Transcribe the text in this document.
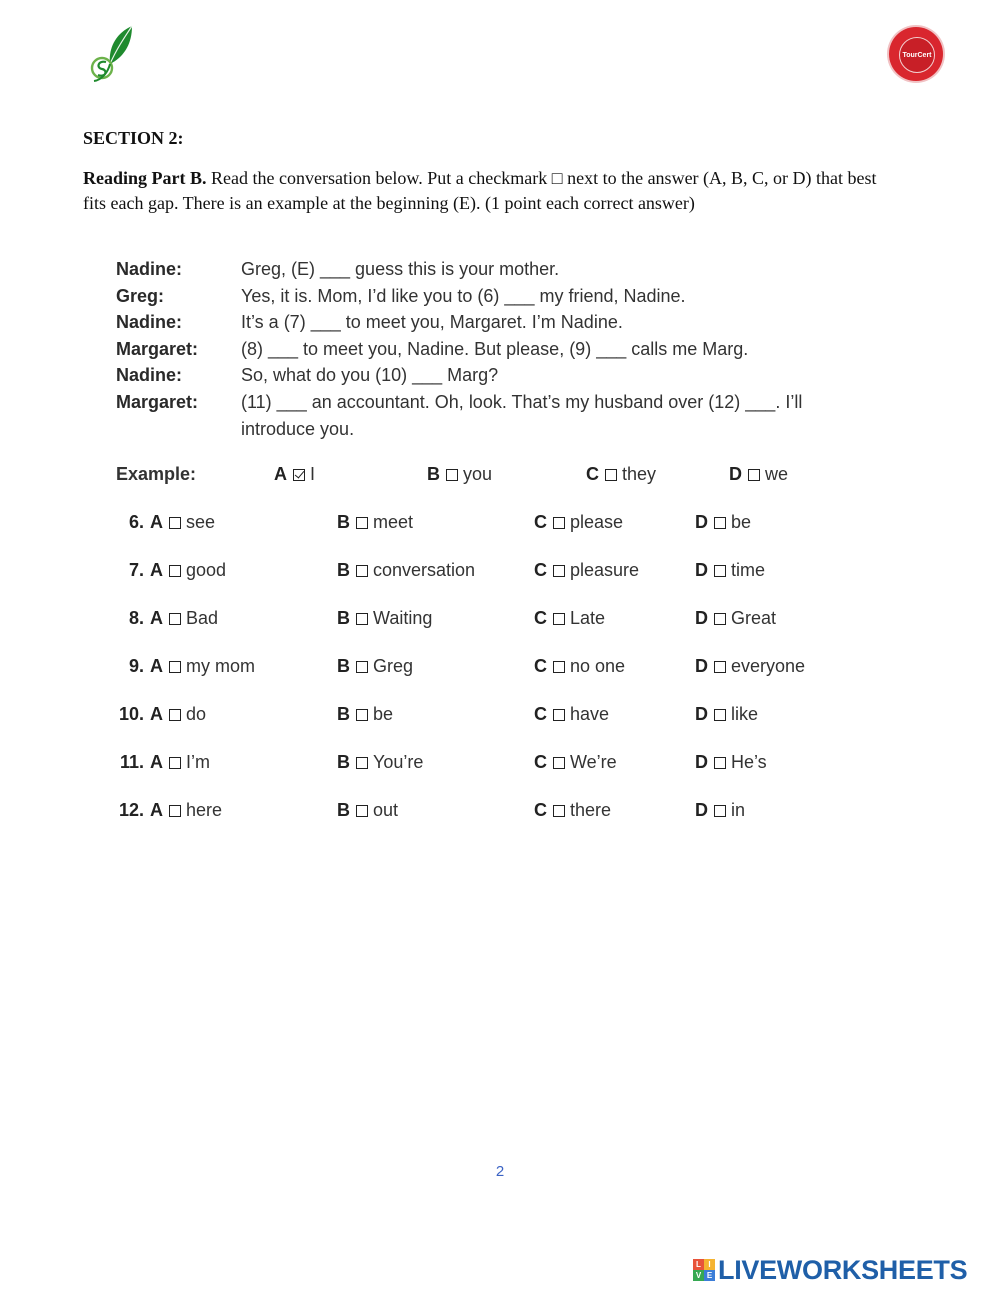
TourCert
SECTION 2:
Reading Part B. Read the conversation below. Put a checkmark □ next to the answer (A, B, C, or D) that best fits each gap. There is an example at the beginning (E). (1 point each correct answer)
Nadine:	Greg, (E) ___ guess this is your mother.
Greg:	Yes, it is. Mom, I’d like you to (6) ___ my friend, Nadine.
Nadine:	It’s a (7) ___ to meet you, Margaret. I’m Nadine.
Margaret:	(8) ___ to meet you, Nadine. But please, (9) ___ calls me Marg.
Nadine:	So, what do you (10) ___ Marg?
Margaret:	(11) ___ an accountant. Oh, look. That’s my husband over (12) ___. I’ll introduce you.
Example:	A I	B you	C they	D we
6. A see	B meet	C please	D be
7. A good	B conversation	C pleasure	D time
8. A Bad	B Waiting	C Late	D Great
9. A my mom	B Greg	C no one	D everyone
10. A do	B be	C have	D like
11. A I’m	B You’re	C We’re	D He’s
12. A here	B out	C there	D in
2
L I
V E LIVEWORKSHEETS
